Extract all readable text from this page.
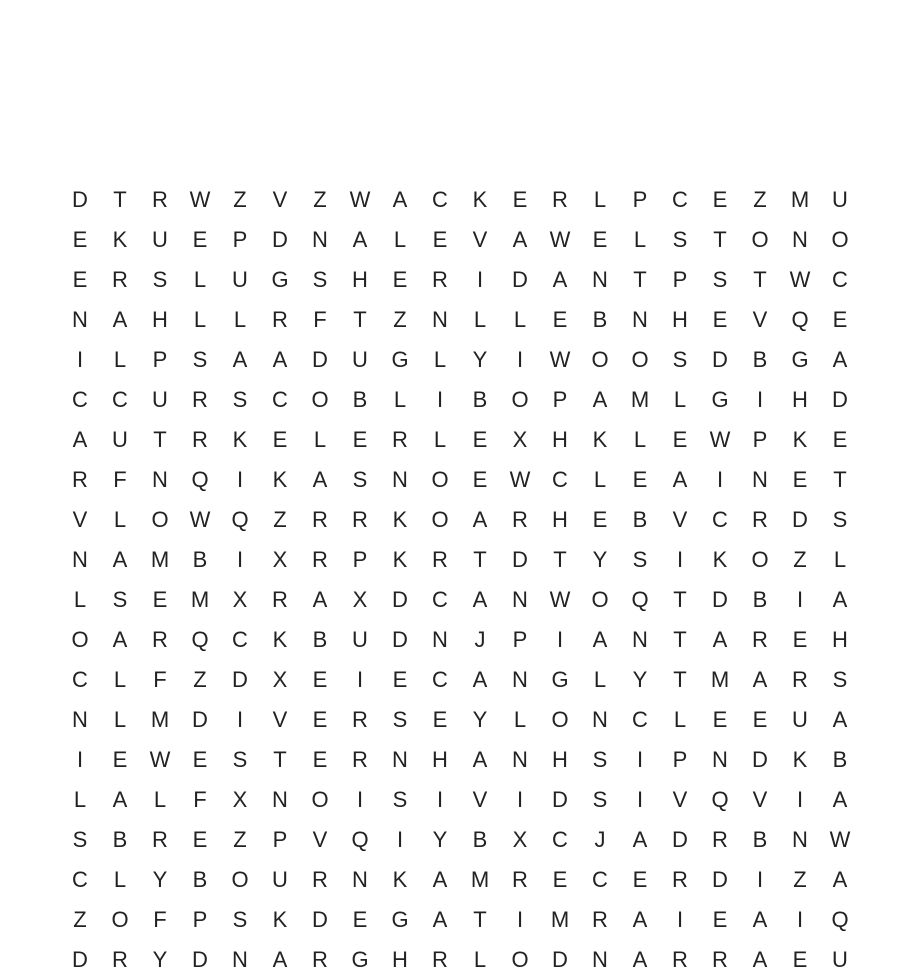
D	T	R W	Z	V	Z	W	A	C	K	E	R	L	P	C	E	Z	M	U
E	K	U	E	P	D	N	A	L	E	V	A	W	E	L	S	T	O	N	O
E	R	S	L	U	G	S	H	E	R	I	D	A	N	T	P	S	T	W C
N	A	H	L	L	R	F	T	Z	N	L	L	E	B	N	H	E	V	Q	E
I	L	P	S	A	A	D	U	G	L	Y	I	W O	O	S	D	B	G	A
C	C	U	R	S	C	O	B	L	I	B	O	P	A	M	L	G	I	H	D
A	U	T	R	K	E	L	E	R	L	E	X	H	K	L	E	W	P	K	E
R	F	N	Q	I	K	A	S	N	O	E	W C	L	E	A	I	N	E	T
V	L	O W Q	Z	R	R	K	O	A	R	H	E	B	V	C	R	D	S
N	A	M	B	I	X	R	P	K	R	T	D	T	Y	S	I	K	O	Z	L
L	S	E	M	X	R	A	X	D	C	A	N W O	Q	T	D	B	I	A
O	A	R	Q	C	K	B	U	D	N	J	P	I	A	N	T	A	R	E	H
C	L	F	Z	D	X	E	I	E	C	A	N	G	L	Y	T	M	A	R	S
N	L	M	D	I	V	E	R	S	E	Y	L	O	N	C	L	E	E	U	A
I	E	W	E	S	T	E	R	N	H	A	N	H	S	I	P	N	D	K	B
L	A	L	F	X	N	O	I	S	I	V	I	D	S	I	V	Q	V	I	A
S	B	R	E	Z	P	V	Q	I	Y	B	X	C	J	A	D	R	B	N W
C	L	Y	B	O	U	R	N	K	A	M	R	E	C	E	R	D	I	Z	A
Z	O	F	P	S	K	D	E	G	A	T	I	M	R	A	I	E	A	I	Q
D	R	Y	D	N	A	R	G	H	R	L	O	D	N	A	R	R	A	E	U
